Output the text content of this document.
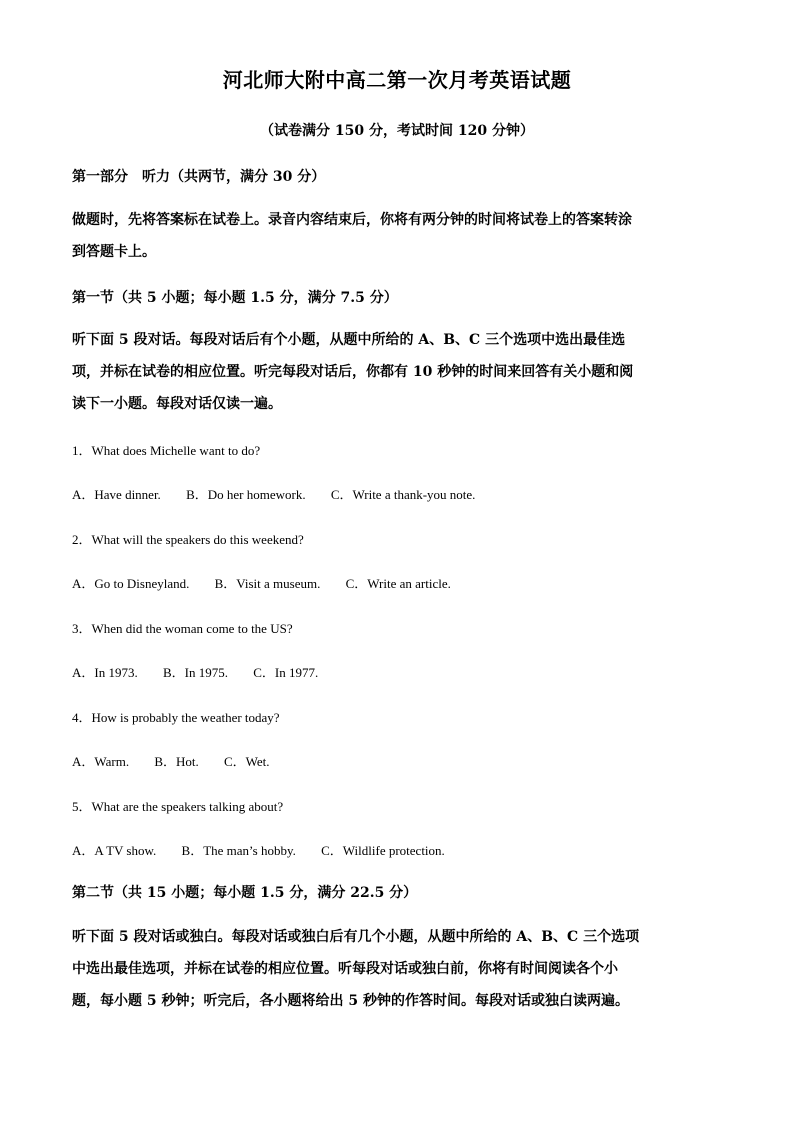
河北师大附中高二第一次月考英语试题
（试卷满分 150 分，考试时间 120 分钟）
第一部分　听力（共两节，满分 30 分）
做题时，先将答案标在试卷上。录音内容结束后，你将有两分钟的时间将试卷上的答案转涂
到答题卡上。
第一节（共 5 小题；每小题 1.5 分，满分 7.5 分）
听下面 5 段对话。每段对话后有个小题，从题中所给的 A、B、C 三个选项中选出最佳选
项，并标在试卷的相应位置。听完每段对话后，你都有 10 秒钟的时间来回答有关小题和阅
读下一小题。每段对话仅读一遍。
1．What does Michelle want to do?
A．Have dinner. B．Do her homework. C．Write a thank-you note.
2．What will the speakers do this weekend?
A．Go to Disneyland. B．Visit a museum. C．Write an article.
3．When did the woman come to the US?
A．In 1973. B．In 1975. C．In 1977.
4．How is probably the weather today?
A．Warm. B．Hot. C．Wet.
5．What are the speakers talking about?
A．A TV show. B．The man’s hobby. C．Wildlife protection.
第二节（共 15 小题；每小题 1.5 分，满分 22.5 分）
听下面 5 段对话或独白。每段对话或独白后有几个小题，从题中所给的 A、B、C 三个选项
中选出最佳选项，并标在试卷的相应位置。听每段对话或独白前，你将有时间阅读各个小
题，每小题 5 秒钟；听完后，各小题将给出 5 秒钟的作答时间。每段对话或独白读两遍。
